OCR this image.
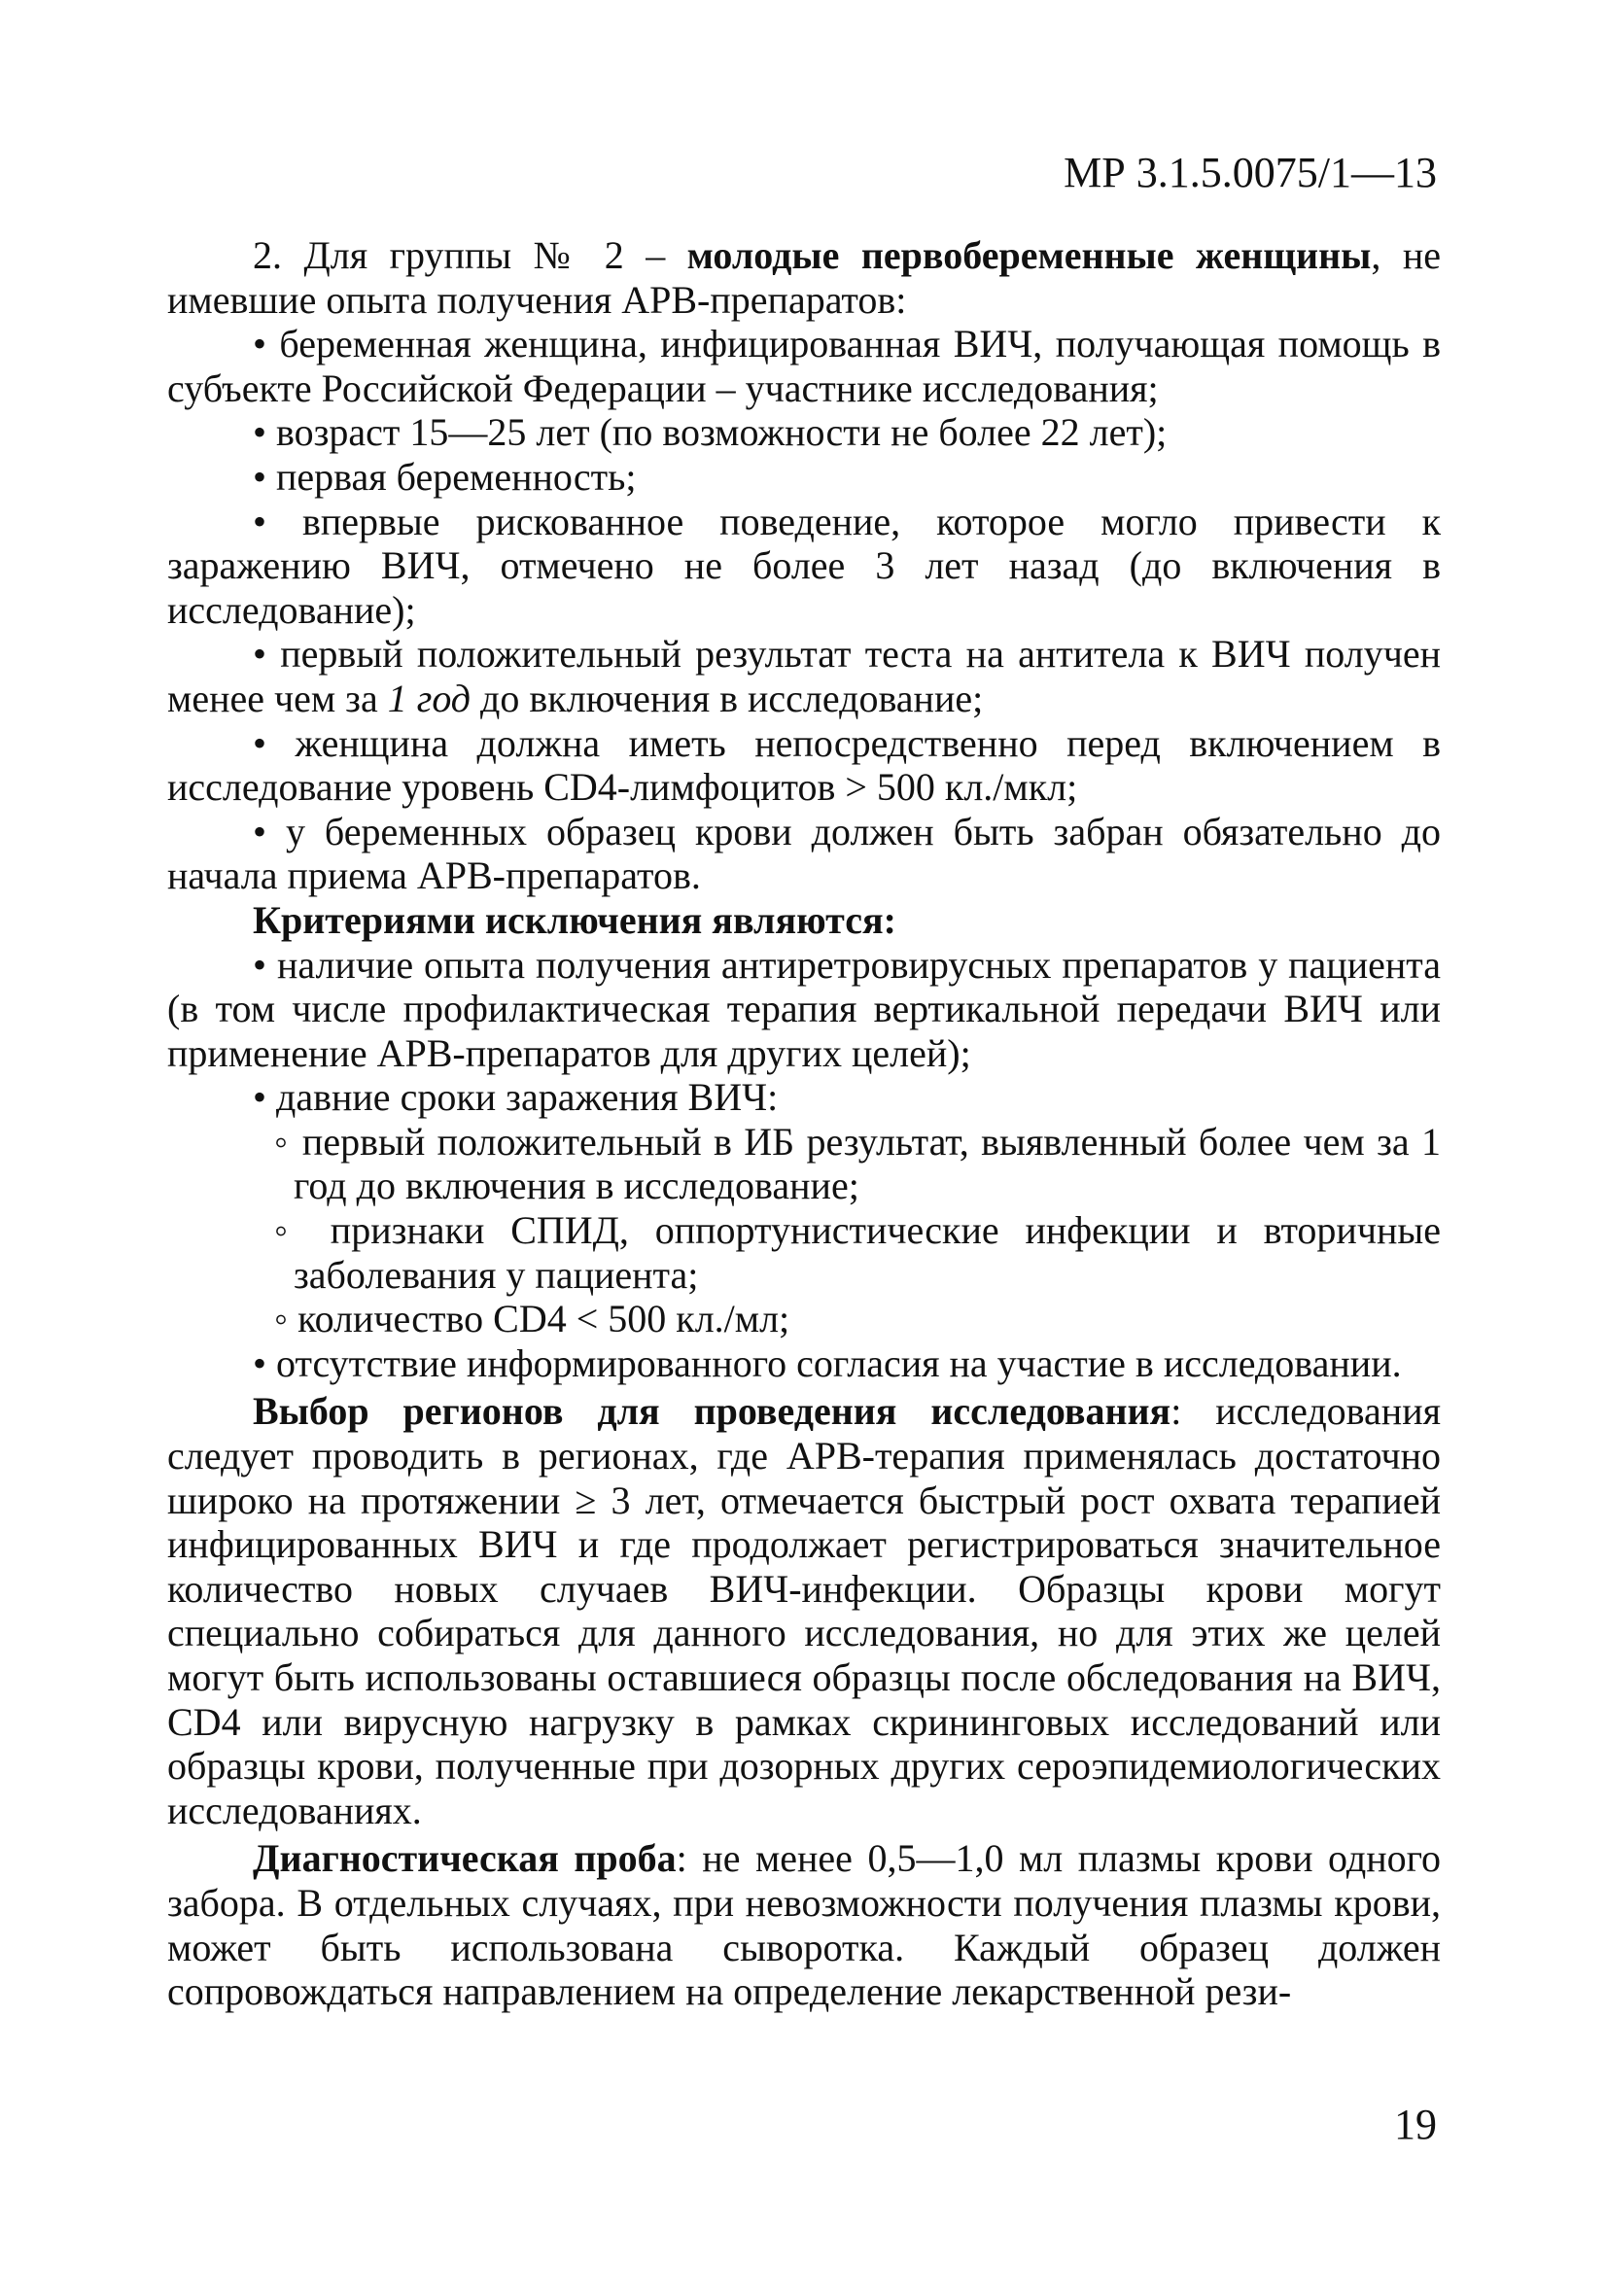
МР 3.1.5.0075/1—13

2. Для группы № 2 – молодые первобеременные женщины, не имевшие опыта получения АРВ-препаратов:

• беременная женщина, инфицированная ВИЧ, получающая помощь в субъекте Российской Федерации – участнике исследования;

• возраст 15—25 лет (по возможности не более 22 лет);

• первая беременность;

• впервые рискованное поведение, которое могло привести к заражению ВИЧ, отмечено не более 3 лет назад (до включения в исследование);

• первый положительный результат теста на антитела к ВИЧ получен менее чем за 1 год до включения в исследование;

• женщина должна иметь непосредственно перед включением в исследование уровень CD4-лимфоцитов > 500 кл./мкл;

• у беременных образец крови должен быть забран обязательно до начала приема АРВ-препаратов.

Критериями исключения являются:

• наличие опыта получения антиретровирусных препаратов у пациента (в том числе профилактическая терапия вертикальной передачи ВИЧ или применение АРВ-препаратов для других целей);

• давние сроки заражения ВИЧ:

◦ первый положительный в ИБ результат, выявленный более чем за 1 год до включения в исследование;

◦ признаки СПИД, оппортунистические инфекции и вторичные заболевания у пациента;

◦ количество CD4 < 500 кл./мл;

• отсутствие информированного согласия на участие в исследовании.

Выбор регионов для проведения исследования: исследования следует проводить в регионах, где АРВ-терапия применялась достаточно широко на протяжении ≥ 3 лет, отмечается быстрый рост охвата терапией инфицированных ВИЧ и где продолжает регистрироваться значительное количество новых случаев ВИЧ-инфекции. Образцы крови могут специально собираться для данного исследования, но для этих же целей могут быть использованы оставшиеся образцы после обследования на ВИЧ, CD4 или вирусную нагрузку в рамках скрининговых исследований или образцы крови, полученные при дозорных других сероэпидемиологических исследованиях.

Диагностическая проба: не менее 0,5—1,0 мл плазмы крови одного забора. В отдельных случаях, при невозможности получения плазмы крови, может быть использована сыворотка. Каждый образец должен сопровождаться направлением на определение лекарственной рези-

19
